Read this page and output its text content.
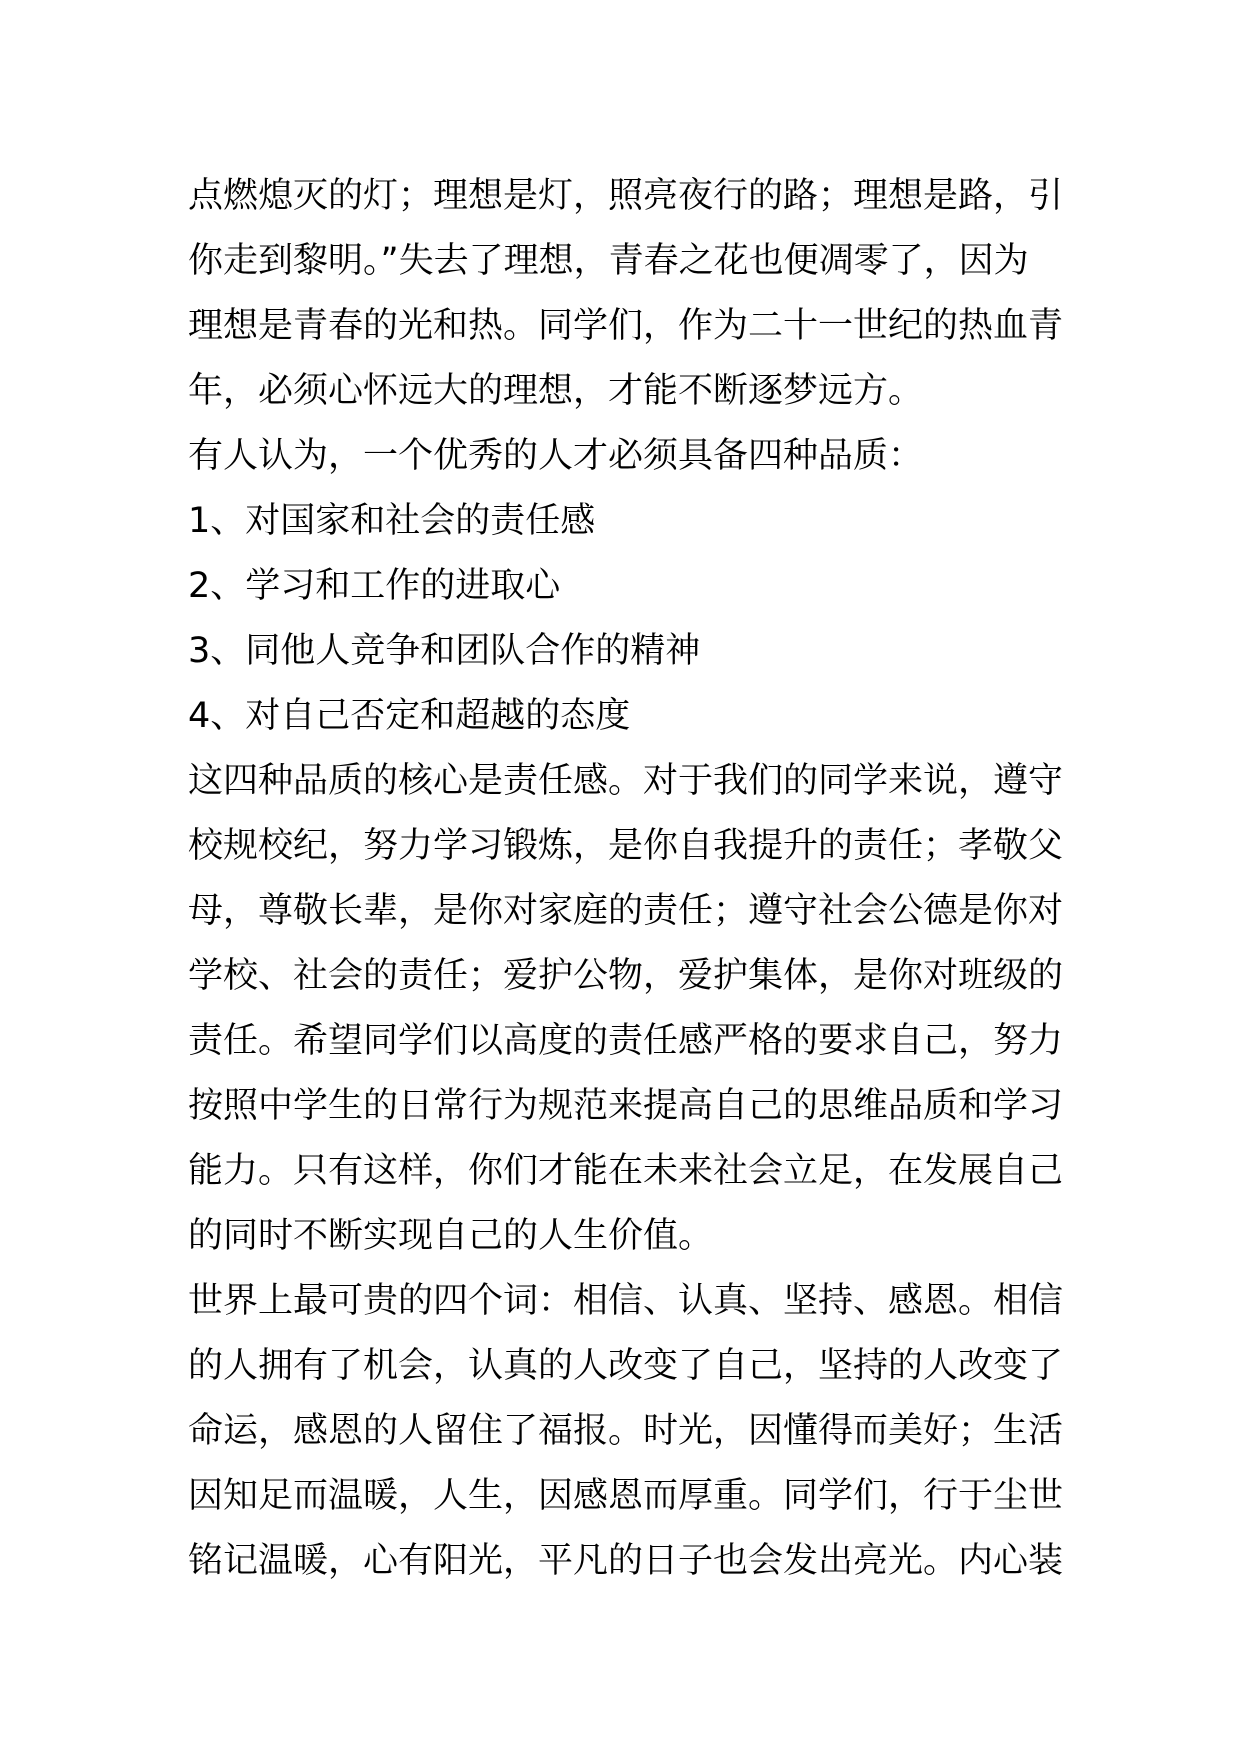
点燃熄灭的灯；理想是灯，照亮夜行的路；理想是路，引
你走到黎明。”失去了理想，青春之花也便凋零了，因为
理想是青春的光和热。同学们，作为二十一世纪的热血青
年，必须心怀远大的理想，才能不断逐梦远方。
有人认为，一个优秀的人才必须具备四种品质：
1、对国家和社会的责任感
2、学习和工作的进取心
3、同他人竞争和团队合作的精神
4、对自己否定和超越的态度
这四种品质的核心是责任感。对于我们的同学来说，遵守
校规校纪，努力学习锻炼，是你自我提升的责任；孝敬父
母，尊敬长辈，是你对家庭的责任；遵守社会公德是你对
学校、社会的责任；爱护公物，爱护集体，是你对班级的
责任。希望同学们以高度的责任感严格的要求自己，努力
按照中学生的日常行为规范来提高自己的思维品质和学习
能力。只有这样，你们才能在未来社会立足，在发展自己
的同时不断实现自己的人生价值。
世界上最可贵的四个词：相信、认真、坚持、感恩。相信
的人拥有了机会，认真的人改变了自己，坚持的人改变了
命运，感恩的人留住了福报。时光，因懂得而美好；生活
因知足而温暖，人生，因感恩而厚重。同学们，行于尘世
铭记温暖，心有阳光，平凡的日子也会发出亮光。内心装
